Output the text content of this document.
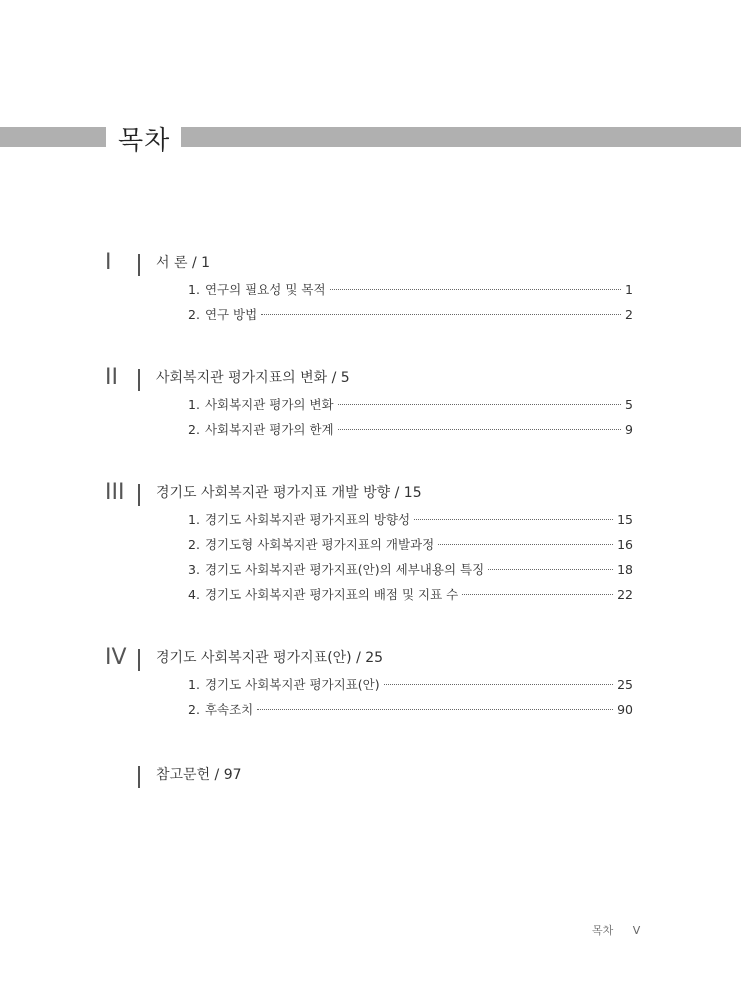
목차
I	서 론 / 1
1. 연구의 필요성 및 목적	1
2. 연구 방법	2
II	사회복지관 평가지표의 변화 / 5
1. 사회복지관 평가의 변화	5
2. 사회복지관 평가의 한계	9
III	경기도 사회복지관 평가지표 개발 방향 / 15
1. 경기도 사회복지관 평가지표의 방향성	15
2. 경기도형 사회복지관 평가지표의 개발과정	16
3. 경기도 사회복지관 평가지표(안)의 세부내용의 특징	18
4. 경기도 사회복지관 평가지표의 배점 및 지표 수	22
IV	경기도 사회복지관 평가지표(안) / 25
1. 경기도 사회복지관 평가지표(안)	25
2. 후속조치	90
참고문헌 / 97
목차 V
